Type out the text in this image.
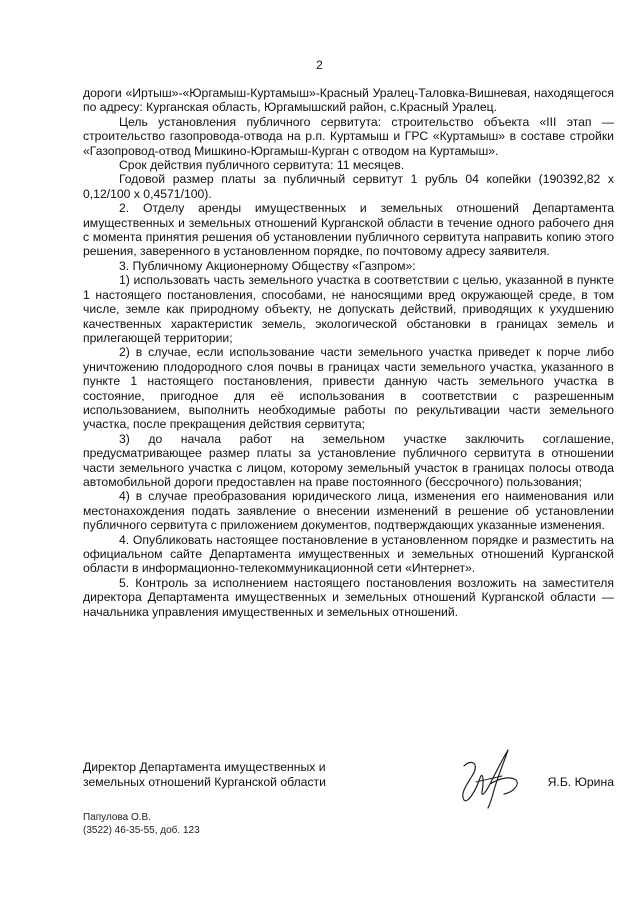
2

дороги «Иртыш»-«Юргамыш-Куртамыш»-Красный Уралец-Таловка-Вишневая, находящегося по адресу: Курганская область, Юргамышский район, с.Красный Уралец.

Цель установления публичного сервитута: строительство объекта «III этап — строительство газопровода-отвода на р.п. Куртамыш и ГРС «Куртамыш» в составе стройки «Газопровод-отвод Мишкино-Юргамыш-Курган с отводом на Куртамыш».

Срок действия публичного сервитута: 11 месяцев.

Годовой размер платы за публичный сервитут 1 рубль 04 копейки (190392,82 х 0,12/100 х 0,4571/100).

2. Отделу аренды имущественных и земельных отношений Департамента имущественных и земельных отношений Курганской области в течение одного рабочего дня с момента принятия решения об установлении публичного сервитута направить копию этого решения, заверенного в установленном порядке, по почтовому адресу заявителя.

3. Публичному Акционерному Обществу «Газпром»:

1) использовать часть земельного участка в соответствии с целью, указанной в пункте 1 настоящего постановления, способами, не наносящими вред окружающей среде, в том числе, земле как природному объекту, не допускать действий, приводящих к ухудшению качественных характеристик земель, экологической обстановки в границах земель и прилегающей территории;

2) в случае, если использование части земельного участка приведет к порче либо уничтожению плодородного слоя почвы в границах части земельного участка, указанного в пункте 1 настоящего постановления, привести данную часть земельного участка в состояние, пригодное для её использования в соответствии с разрешенным использованием, выполнить необходимые работы по рекультивации части земельного участка, после прекращения действия сервитута;

3) до начала работ на земельном участке заключить соглашение, предусматривающее размер платы за установление публичного сервитута в отношении части земельного участка с лицом, которому земельный участок в границах полосы отвода автомобильной дороги предоставлен на праве постоянного (бессрочного) пользования;

4) в случае преобразования юридического лица, изменения его наименования или местонахождения подать заявление о внесении изменений в решение об установлении публичного сервитута с приложением документов, подтверждающих указанные изменения.

4. Опубликовать настоящее постановление в установленном порядке и разместить на официальном сайте Департамента имущественных и земельных отношений Курганской области в информационно-телекоммуникационной сети «Интернет».

5. Контроль за исполнением настоящего постановления возложить на заместителя директора Департамента имущественных и земельных отношений Курганской области — начальника управления имущественных и земельных отношений.

Директор Департамента имущественных и
земельных отношений Курганской области	Я.Б. Юрина
Папулова О.В.
(3522) 46-35-55, доб. 123
